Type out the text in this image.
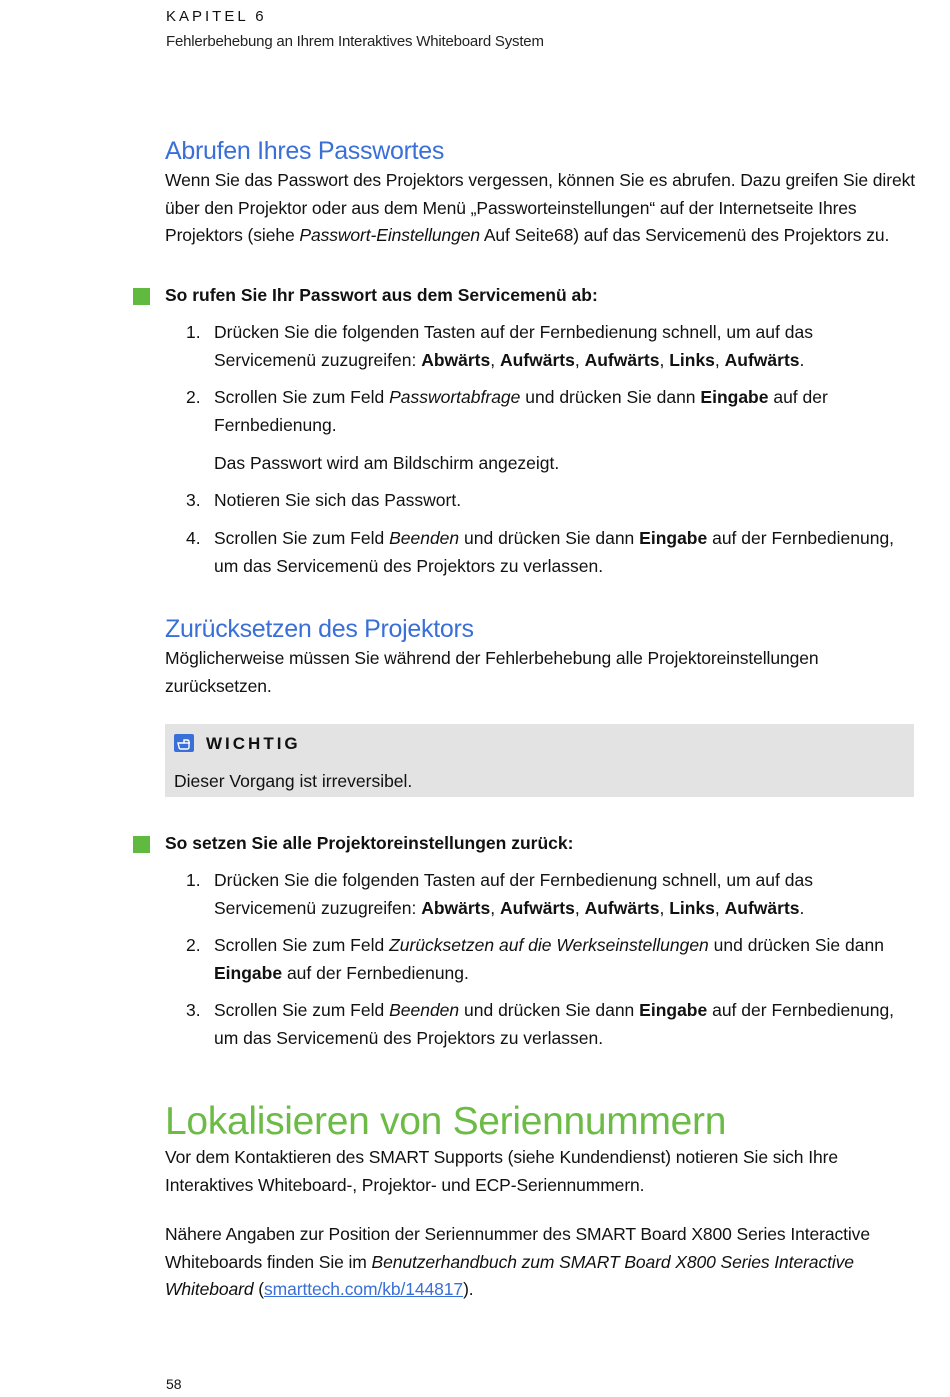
KAPITEL 6
Fehlerbehebung an Ihrem Interaktives Whiteboard System
Abrufen Ihres Passwortes
Wenn Sie das Passwort des Projektors vergessen, können Sie es abrufen. Dazu greifen Sie direkt über den Projektor oder aus dem Menü „Passworteinstellungen“ auf der Internetseite Ihres Projektors (siehe Passwort-Einstellungen Auf Seite68) auf das Servicemenü des Projektors zu.
So rufen Sie Ihr Passwort aus dem Servicemenü ab:
1. Drücken Sie die folgenden Tasten auf der Fernbedienung schnell, um auf das Servicemenü zuzugreifen: Abwärts, Aufwärts, Aufwärts, Links, Aufwärts.
2. Scrollen Sie zum Feld Passwortabfrage und drücken Sie dann Eingabe auf der Fernbedienung.
Das Passwort wird am Bildschirm angezeigt.
3. Notieren Sie sich das Passwort.
4. Scrollen Sie zum Feld Beenden und drücken Sie dann Eingabe auf der Fernbedienung, um das Servicemenü des Projektors zu verlassen.
Zurücksetzen des Projektors
Möglicherweise müssen Sie während der Fehlerbehebung alle Projektoreinstellungen zurücksetzen.
WICHTIG
Dieser Vorgang ist irreversibel.
So setzen Sie alle Projektoreinstellungen zurück:
1. Drücken Sie die folgenden Tasten auf der Fernbedienung schnell, um auf das Servicemenü zuzugreifen: Abwärts, Aufwärts, Aufwärts, Links, Aufwärts.
2. Scrollen Sie zum Feld Zurücksetzen auf die Werkseinstellungen und drücken Sie dann Eingabe auf der Fernbedienung.
3. Scrollen Sie zum Feld Beenden und drücken Sie dann Eingabe auf der Fernbedienung, um das Servicemenü des Projektors zu verlassen.
Lokalisieren von Seriennummern
Vor dem Kontaktieren des SMART Supports (siehe Kundendienst) notieren Sie sich Ihre Interaktives Whiteboard-, Projektor- und ECP-Seriennummern.
Nähere Angaben zur Position der Seriennummer des SMART Board X800 Series Interactive Whiteboards finden Sie im Benutzerhandbuch zum SMART Board X800 Series Interactive Whiteboard (smarttech.com/kb/144817).
58
